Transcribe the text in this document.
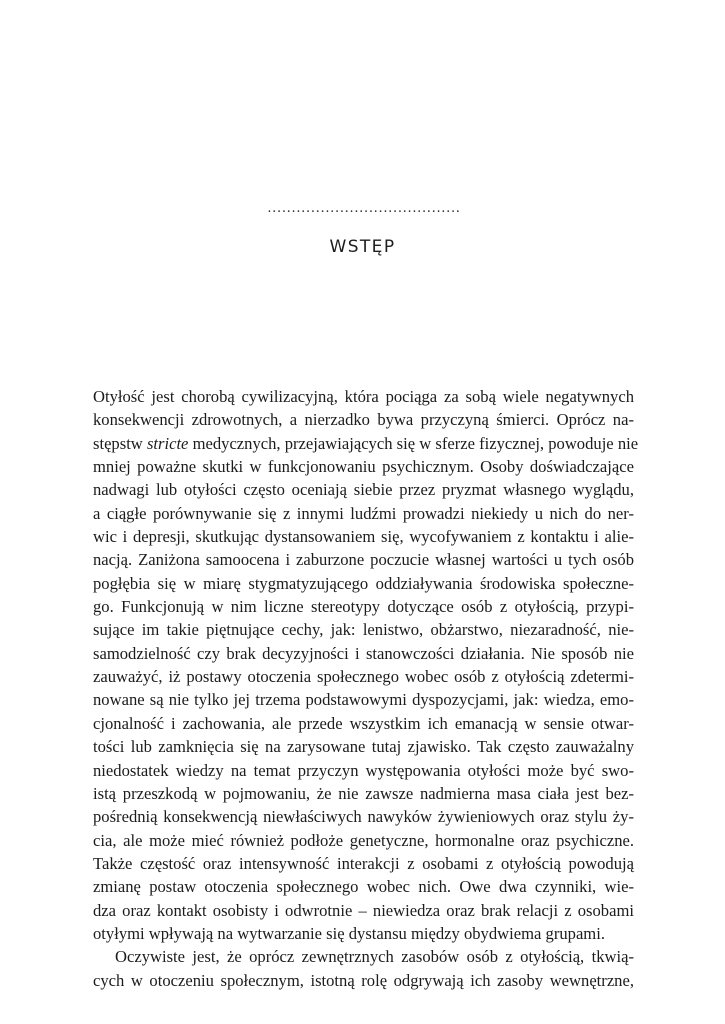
........................................
WSTĘP
Otyłość jest chorobą cywilizacyjną, która pociąga za sobą wiele negatywnych
konsekwencji zdrowotnych, a nierzadko bywa przyczyną śmierci. Oprócz na-
stępstw stricte medycznych, przejawiających się w sferze fizycznej, powoduje nie
mniej poważne skutki w funkcjonowaniu psychicznym. Osoby doświadczające
nadwagi lub otyłości często oceniają siebie przez pryzmat własnego wyglądu,
a ciągłe porównywanie się z innymi ludźmi prowadzi niekiedy u nich do ner-
wic i depresji, skutkując dystansowaniem się, wycofywaniem z kontaktu i alie-
nacją. Zaniżona samoocena i zaburzone poczucie własnej wartości u tych osób
pogłębia się w miarę stygmatyzującego oddziaływania środowiska społeczne-
go. Funkcjonują w nim liczne stereotypy dotyczące osób z otyłością, przypi-
sujące im takie piętnujące cechy, jak: lenistwo, obżarstwo, niezaradność, nie-
samodzielność czy brak decyzyjności i stanowczości działania. Nie sposób nie
zauważyć, iż postawy otoczenia społecznego wobec osób z otyłością zdetermi-
nowane są nie tylko jej trzema podstawowymi dyspozycjami, jak: wiedza, emo-
cjonalność i zachowania, ale przede wszystkim ich emanacją w sensie otwar-
tości lub zamknięcia się na zarysowane tutaj zjawisko. Tak często zauważalny
niedostatek wiedzy na temat przyczyn występowania otyłości może być swo-
istą przeszkodą w pojmowaniu, że nie zawsze nadmierna masa ciała jest bez-
pośrednią konsekwencją niewłaściwych nawyków żywieniowych oraz stylu ży-
cia, ale może mieć również podłoże genetyczne, hormonalne oraz psychiczne.
Także częstość oraz intensywność interakcji z osobami z otyłością powodują
zmianę postaw otoczenia społecznego wobec nich. Owe dwa czynniki, wie-
dza oraz kontakt osobisty i odwrotnie – niewiedza oraz brak relacji z osobami
otyłymi wpływają na wytwarzanie się dystansu między obydwiema grupami.
Oczywiste jest, że oprócz zewnętrznych zasobów osób z otyłością, tkwią-
cych w otoczeniu społecznym, istotną rolę odgrywają ich zasoby wewnętrzne,
